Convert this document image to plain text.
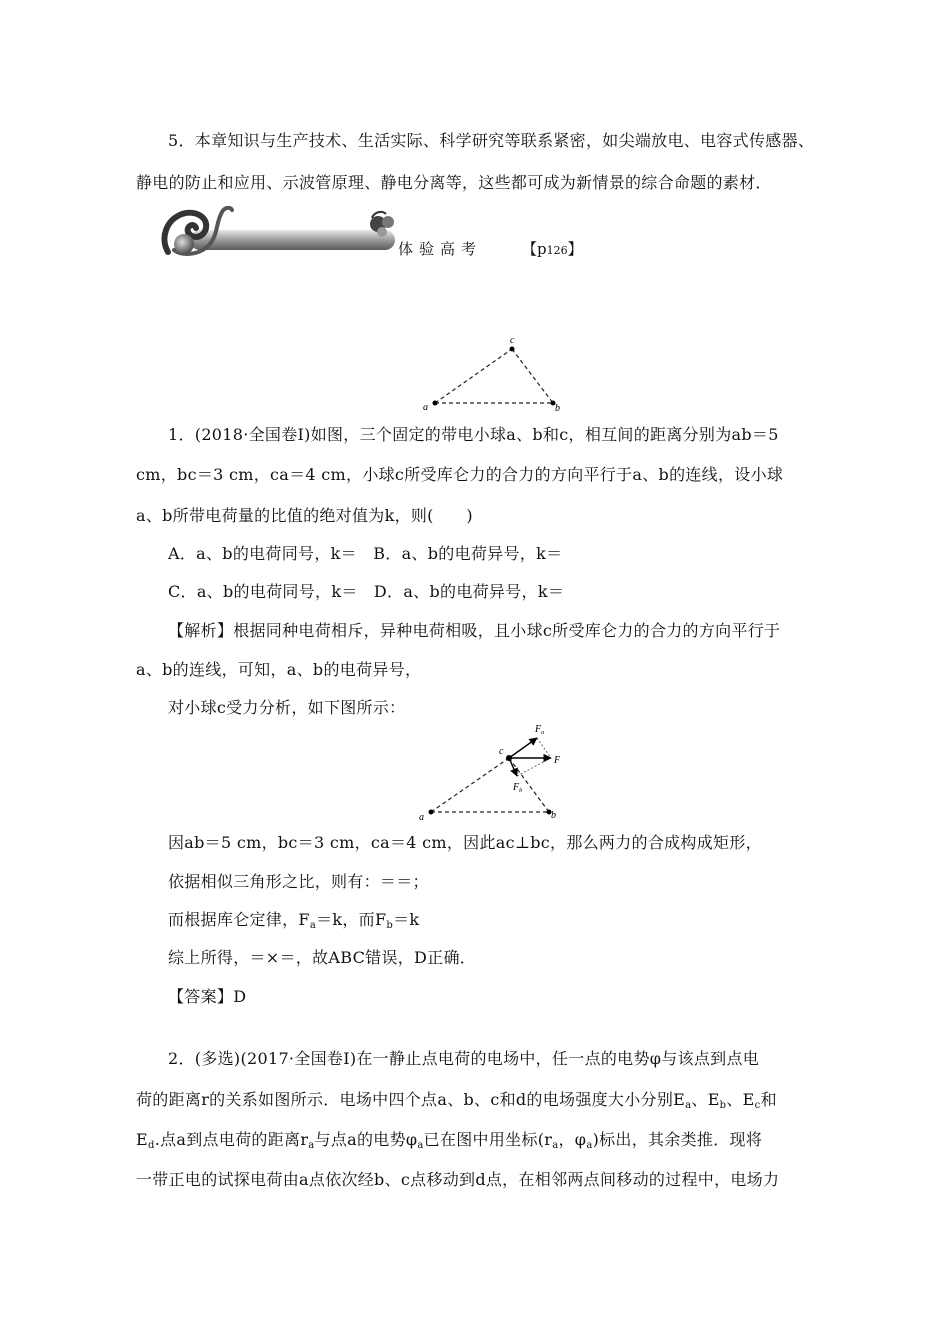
5．本章知识与生产技术、生活实际、科学研究等联系紧密，如尖端放电、电容式传感器、
静电的防止和应用、示波管原理、静电分离等，这些都可成为新情景的综合命题的素材．
体验高考	【p126】
a	b
c
1．(2018·全国卷Ⅰ)如图，三个固定的带电小球a、b和c，相互间的距离分别为ab＝5
cm，bc＝3 cm，ca＝4 cm，小球c所受库仑力的合力的方向平行于a、b的连线，设小球
a、b所带电荷量的比值的绝对值为k，则(　　)
A．a、b的电荷同号，k＝　B．a、b的电荷异号，k＝
C．a、b的电荷同号，k＝　D．a、b的电荷异号，k＝
【解析】根据同种电荷相斥，异种电荷相吸，且小球c所受库仑力的合力的方向平行于
a、b的连线，可知，a、b的电荷异号，
对小球c受力分析，如下图所示：
a	b
c
F
$F_a$
$F_b$
因ab＝5 cm，bc＝3 cm，ca＝4 cm，因此ac⊥bc，那么两力的合成构成矩形，
依据相似三角形之比，则有：＝＝；
而根据库仑定律，$F_a=k$，而$F_b=k$
综上所得，＝×＝，故ABC错误，D正确．
【答案】D
2．(多选)(2017·全国卷Ⅰ)在一静止点电荷的电场中，任一点的电势φ与该点到点电
荷的距离r的关系如图所示．电场中四个点a、b、c和d的电场强度大小分别$E_a$、$E_b$、$E_c$和
$E_d$.点a到点电荷的距离$r_a$与点a的电势$\varphi_a$已在图中用坐标($r_a$，$\varphi_a$)标出，其余类推．现将
一带正电的试探电荷由a点依次经b、c点移动到d点，在相邻两点间移动的过程中，电场力
